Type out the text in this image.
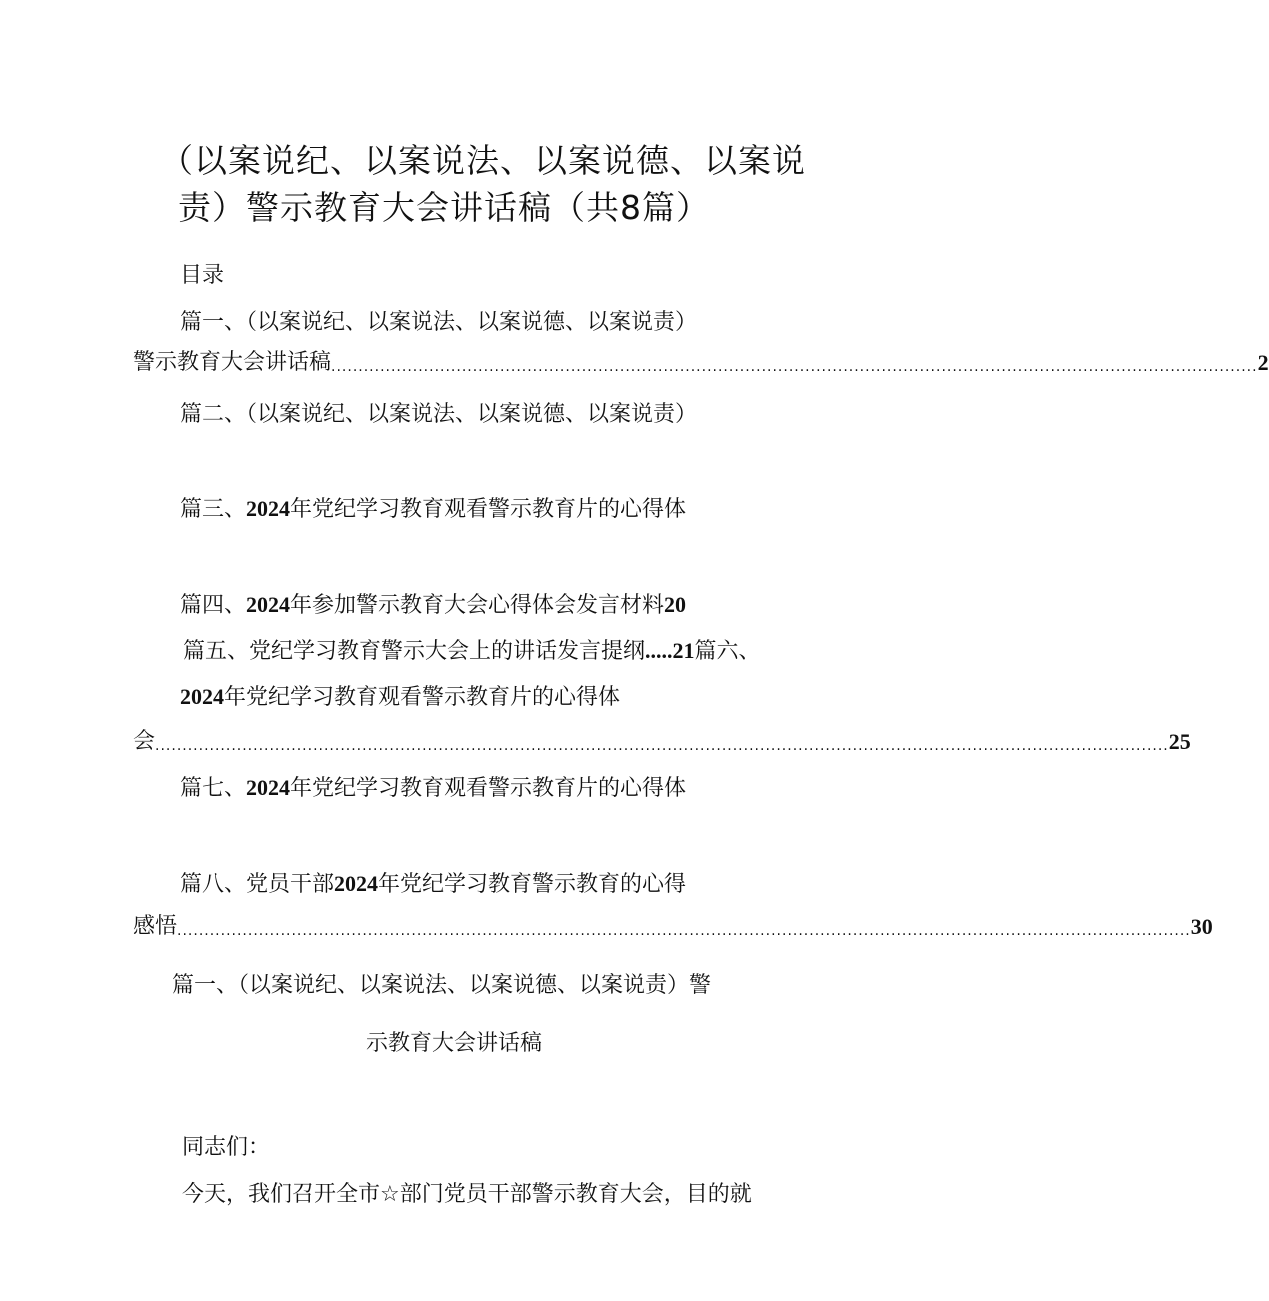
（以案说纪、以案说法、以案说德、以案说
责）警示教育大会讲话稿（共8篇）
目录
篇一、（以案说纪、以案说法、以案说德、以案说责）
警示教育大会讲话稿 .......................................................................................................................................................................... 2
篇二、（以案说纪、以案说法、以案说德、以案说责）
篇三、2024年党纪学习教育观看警示教育片的心得体
篇四、2024年参加警示教育大会心得体会发言材料20
篇五、党纪学习教育警示大会上的讲话发言提纲.....21篇六、
2024年党纪学习教育观看警示教育片的心得体
会 .......................................................................................................................................................................................... 25
篇七、2024年党纪学习教育观看警示教育片的心得体
篇八、党员干部2024年党纪学习教育警示教育的心得
感悟 .......................................................................................................................................................................................... 30
篇一、（以案说纪、以案说法、以案说德、以案说责）警
示教育大会讲话稿
同志们：
今天，我们召开全市☆部门党员干部警示教育大会，目的就
